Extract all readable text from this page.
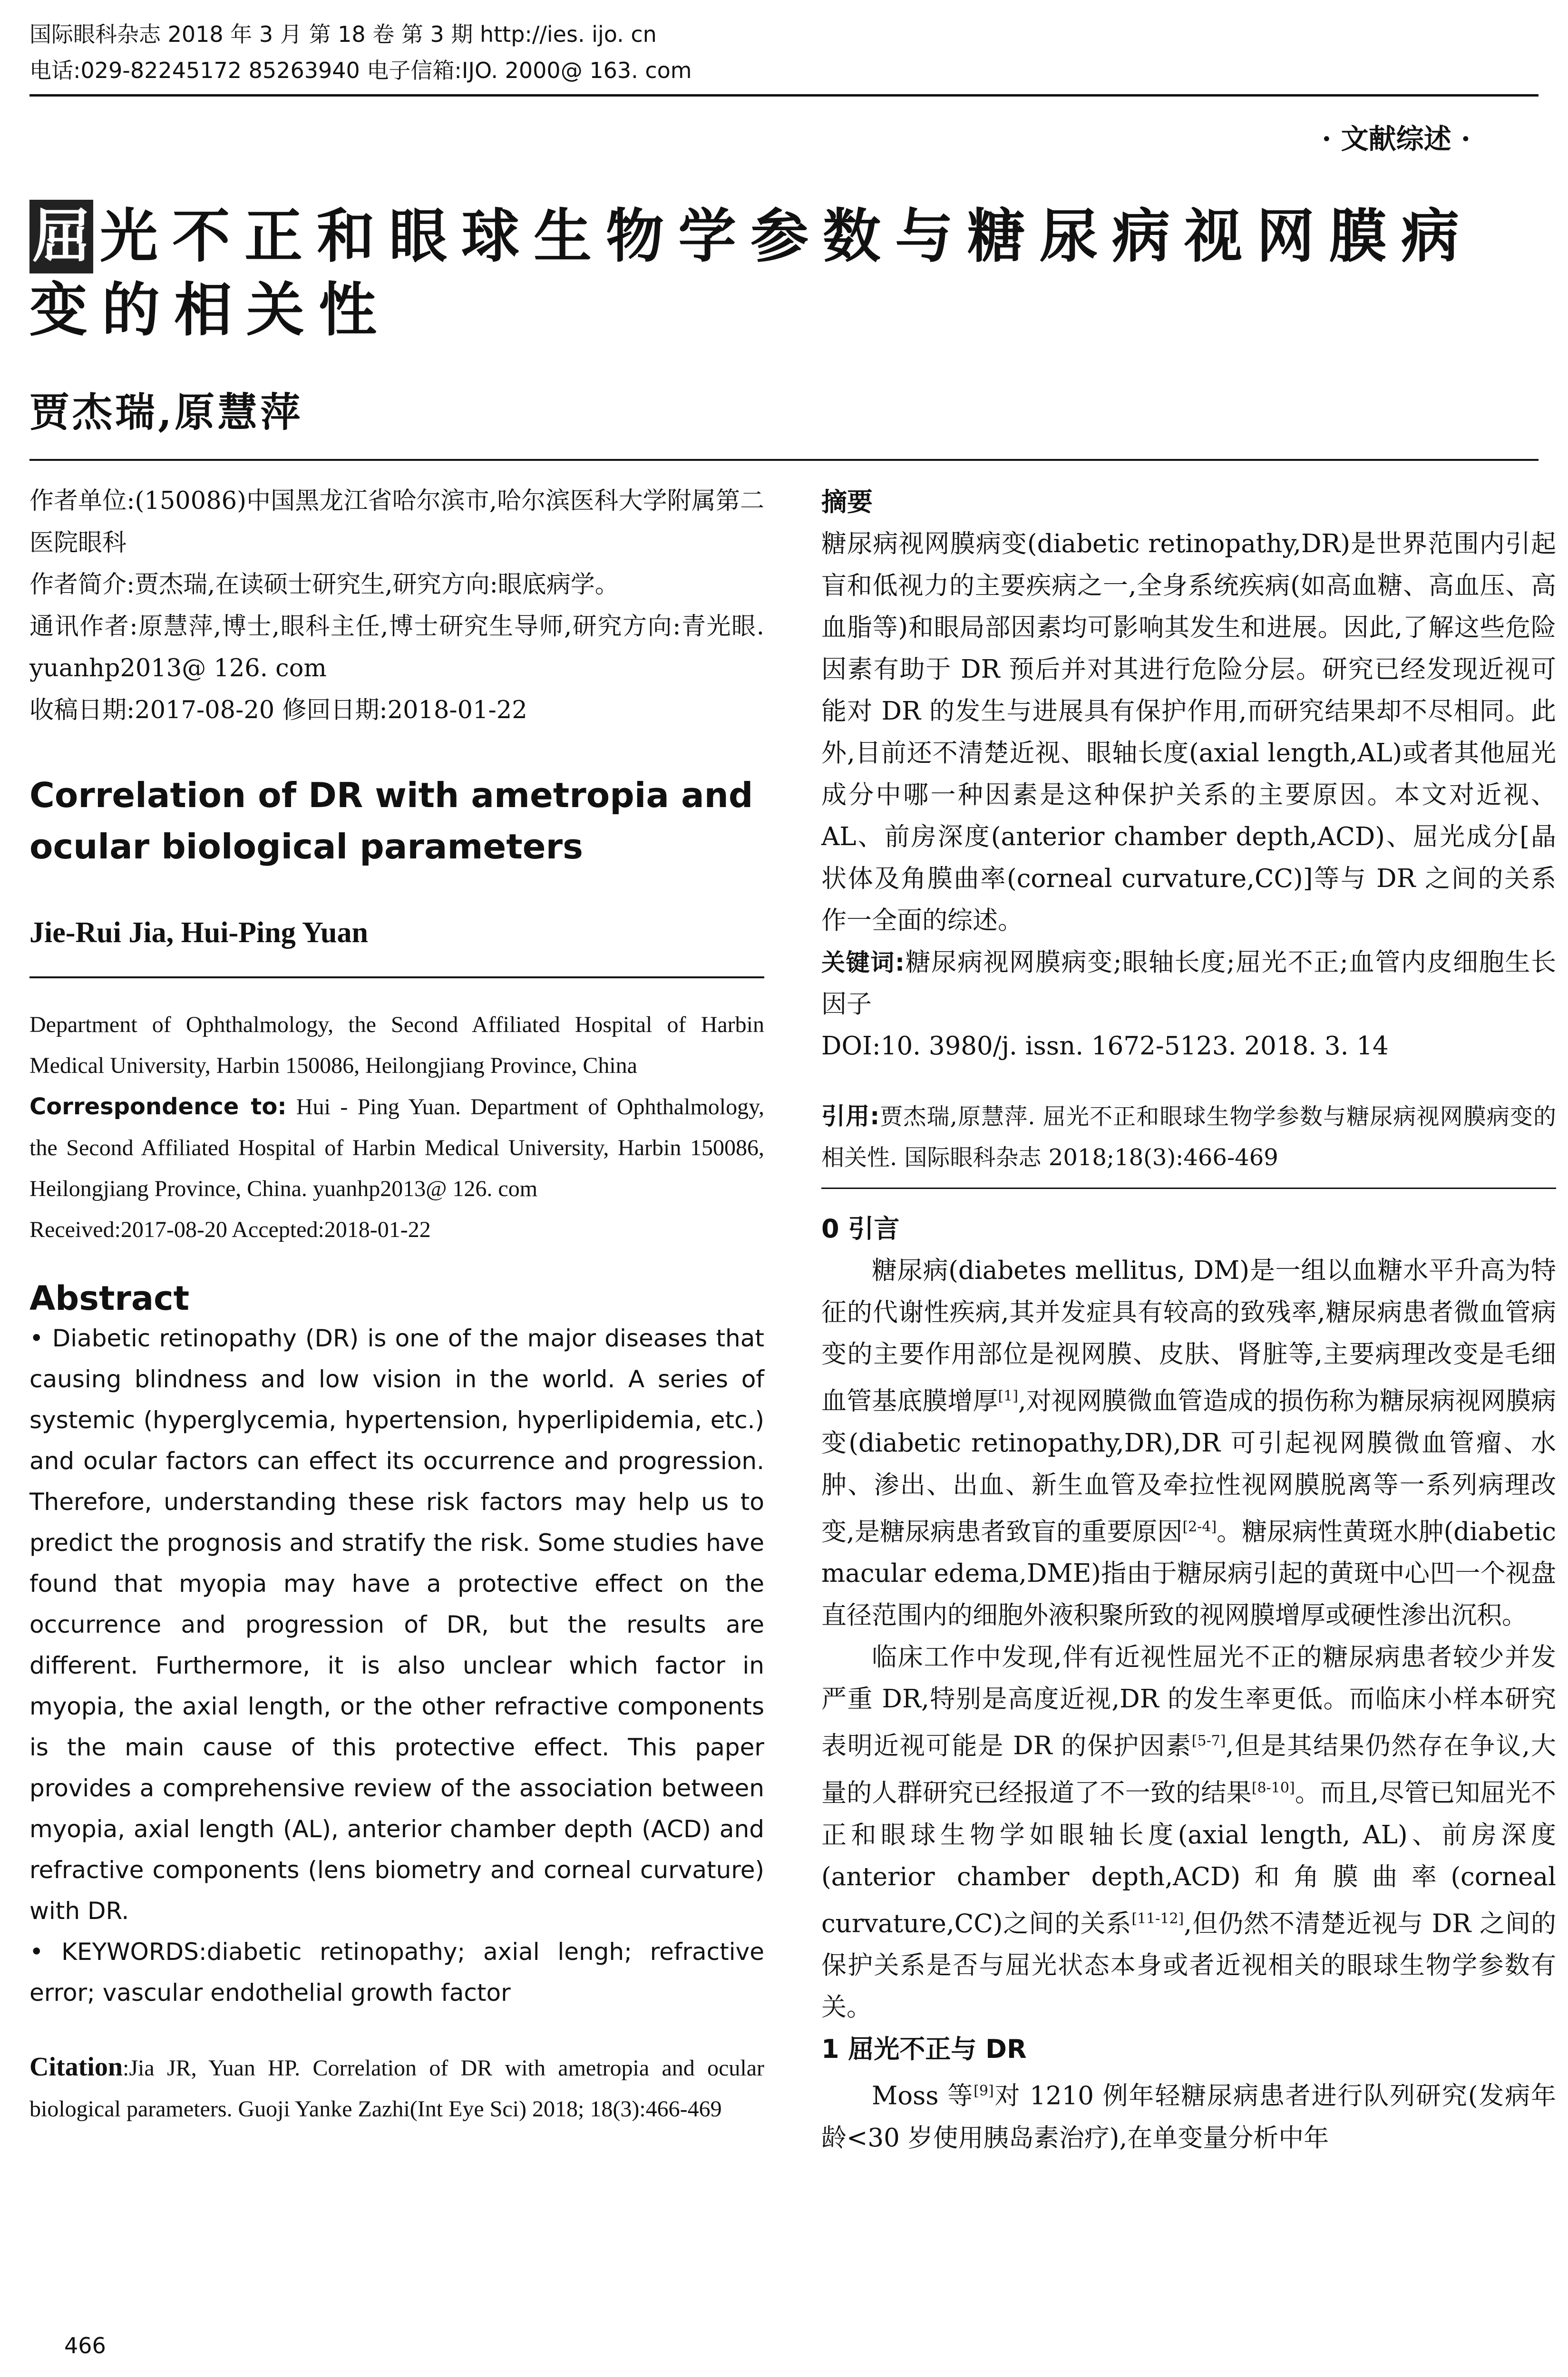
国际眼科杂志 2018 年 3 月 第 18 卷 第 3 期 http://ies. ijo. cn
电话:029-82245172 85263940 电子信箱:IJO. 2000@ 163. com
· 文献综述 ·
屈 光不正和眼球生物学参数与糖尿病视网膜病变的相关性
贾杰瑞,原慧萍

作者单位:(150086)中国黑龙江省哈尔滨市,哈尔滨医科大学附属第二医院眼科

作者简介:贾杰瑞,在读硕士研究生,研究方向:眼底病学。

通讯作者:原慧萍,博士,眼科主任,博士研究生导师,研究方向:青光眼. yuanhp2013@ 126. com

收稿日期:2017-08-20 修回日期:2018-01-22

Correlation of DR with ametropia and ocular biological parameters

Jie-Rui Jia, Hui-Ping Yuan

Department of Ophthalmology, the Second Affiliated Hospital of Harbin Medical University, Harbin 150086, Heilongjiang Province, China

Correspondence to: Hui - Ping Yuan. Department of Ophthalmology, the Second Affiliated Hospital of Harbin Medical University, Harbin 150086, Heilongjiang Province, China. yuanhp2013@ 126. com

Received:2017-08-20 Accepted:2018-01-22

Abstract

• Diabetic retinopathy (DR) is one of the major diseases that causing blindness and low vision in the world. A series of systemic (hyperglycemia, hypertension, hyperlipidemia, etc.) and ocular factors can effect its occurrence and progression. Therefore, understanding these risk factors may help us to predict the prognosis and stratify the risk. Some studies have found that myopia may have a protective effect on the occurrence and progression of DR, but the results are different. Furthermore, it is also unclear which factor in myopia, the axial length, or the other refractive components is the main cause of this protective effect. This paper provides a comprehensive review of the association between myopia, axial length (AL), anterior chamber depth (ACD) and refractive components (lens biometry and corneal curvature) with DR.

• KEYWORDS:diabetic retinopathy; axial lengh; refractive error; vascular endothelial growth factor

Citation:Jia JR, Yuan HP. Correlation of DR with ametropia and ocular biological parameters. Guoji Yanke Zazhi(Int Eye Sci) 2018; 18(3):466-469

摘要

糖尿病视网膜病变(diabetic retinopathy,DR)是世界范围内引起盲和低视力的主要疾病之一,全身系统疾病(如高血糖、高血压、高血脂等)和眼局部因素均可影响其发生和进展。因此,了解这些危险因素有助于 DR 预后并对其进行危险分层。研究已经发现近视可能对 DR 的发生与进展具有保护作用,而研究结果却不尽相同。此外,目前还不清楚近视、眼轴长度(axial length,AL)或者其他屈光成分中哪一种因素是这种保护关系的主要原因。本文对近视、AL、前房深度(anterior chamber depth,ACD)、屈光成分[晶状体及角膜曲率(corneal curvature,CC)]等与 DR 之间的关系作一全面的综述。

关键词:糖尿病视网膜病变;眼轴长度;屈光不正;血管内皮细胞生长因子

DOI:10. 3980/j. issn. 1672-5123. 2018. 3. 14

引用:贾杰瑞,原慧萍. 屈光不正和眼球生物学参数与糖尿病视网膜病变的相关性. 国际眼科杂志 2018;18(3):466-469

0 引言

糖尿病(diabetes mellitus, DM)是一组以血糖水平升高为特征的代谢性疾病,其并发症具有较高的致残率,糖尿病患者微血管病变的主要作用部位是视网膜、皮肤、肾脏等,主要病理改变是毛细血管基底膜增厚[1],对视网膜微血管造成的损伤称为糖尿病视网膜病变(diabetic retinopathy,DR),DR 可引起视网膜微血管瘤、水肿、渗出、出血、新生血管及牵拉性视网膜脱离等一系列病理改变,是糖尿病患者致盲的重要原因[2-4]。糖尿病性黄斑水肿(diabetic macular edema,DME)指由于糖尿病引起的黄斑中心凹一个视盘直径范围内的细胞外液积聚所致的视网膜增厚或硬性渗出沉积。

临床工作中发现,伴有近视性屈光不正的糖尿病患者较少并发严重 DR,特别是高度近视,DR 的发生率更低。而临床小样本研究表明近视可能是 DR 的保护因素[5-7],但是其结果仍然存在争议,大量的人群研究已经报道了不一致的结果[8-10]。而且,尽管已知屈光不正和眼球生物学如眼轴长度(axial length, AL)、前房深度(anterior chamber depth,ACD)和角膜曲率(corneal curvature,CC)之间的关系[11-12],但仍然不清楚近视与 DR 之间的保护关系是否与屈光状态本身或者近视相关的眼球生物学参数有关。

1 屈光不正与 DR

Moss 等[9]对 1210 例年轻糖尿病患者进行队列研究(发病年龄<30 岁使用胰岛素治疗),在单变量分析中年

466
